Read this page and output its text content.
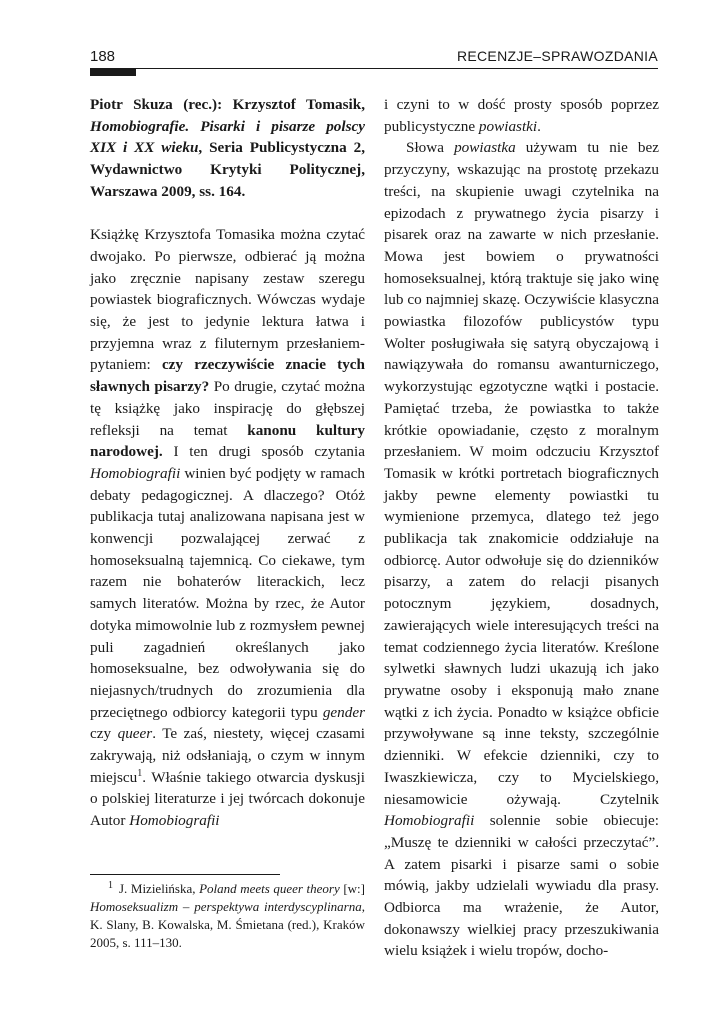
188	RECENZJE–SPRAWOZDANIA

Piotr Skuza (rec.): Krzysztof Tomasik, Homobiografie. Pisarki i pisarze polscy XIX i XX wieku, Seria Publicystyczna 2, Wydawnictwo Krytyki Politycznej, Warszawa 2009, ss. 164.

Książkę Krzysztofa Tomasika można czytać dwojako. Po pierwsze, odbierać ją można jako zręcznie napisany zestaw szeregu powiastek biograficznych. Wówczas wydaje się, że jest to jedynie lektura łatwa i przyjemna wraz z filuternym przesłaniem-pytaniem: czy rzeczywiście znacie tych sławnych pisarzy? Po drugie, czytać można tę książkę jako inspirację do głębszej refleksji na temat kanonu kultury narodowej. I ten drugi sposób czytania Homobiografii winien być podjęty w ramach debaty pedagogicznej. A dlaczego? Otóż publikacja tutaj analizowana napisana jest w konwencji pozwalającej zerwać z homoseksualną tajemnicą. Co ciekawe, tym razem nie bohaterów literackich, lecz samych literatów. Można by rzec, że Autor dotyka mimowolnie lub z rozmysłem pewnej puli zagadnień określanych jako homoseksualne, bez odwoływania się do niejasnych/trudnych do zrozumienia dla przeciętnego odbiorcy kategorii typu gender czy queer. Te zaś, niestety, więcej czasami zakrywają, niż odsłaniają, o czym w innym miejscu$^1$. Właśnie takiego otwarcia dyskusji o polskiej literaturze i jej twórcach dokonuje Autor Homobiografii

i czyni to w dość prosty sposób poprzez publicystyczne powiastki.

Słowa powiastka używam tu nie bez przyczyny, wskazując na prostotę przekazu treści, na skupienie uwagi czytelnika na epizodach z prywatnego życia pisarzy i pisarek oraz na zawarte w nich przesłanie. Mowa jest bowiem o prywatności homoseksualnej, którą traktuje się jako winę lub co najmniej skazę. Oczywiście klasyczna powiastka filozofów publicystów typu Wolter posługiwała się satyrą obyczajową i nawiązywała do romansu awanturniczego, wykorzystując egzotyczne wątki i postacie. Pamiętać trzeba, że powiastka to także krótkie opowiadanie, często z moralnym przesłaniem. W moim odczuciu Krzysztof Tomasik w krótki portretach biograficznych jakby pewne elementy powiastki tu wymienione przemyca, dlatego też jego publikacja tak znakomicie oddziałuje na odbiorcę. Autor odwołuje się do dzienników pisarzy, a zatem do relacji pisanych potocznym językiem, dosadnych, zawierających wiele interesujących treści na temat codziennego życia literatów. Kreślone sylwetki sławnych ludzi ukazują ich jako prywatne osoby i eksponują mało znane wątki z ich życia. Ponadto w książce obficie przywoływane są inne teksty, szczególnie dzienniki. W efekcie dzienniki, czy to Iwaszkiewicza, czy to Mycielskiego, niesamowicie ożywają. Czytelnik Homobiografii solennie sobie obiecuje: „Muszę te dzienniki w całości przeczytać”. A zatem pisarki i pisarze sami o sobie mówią, jakby udzielali wywiadu dla prasy. Odbiorca ma wrażenie, że Autor, dokonawszy wielkiej pracy przeszukiwania wielu książek i wielu tropów, docho-

$^1$ J. Mizielińska, Poland meets queer theory [w:] Homoseksualizm – perspektywa interdyscyplinarna, K. Slany, B. Kowalska, M. Śmietana (red.), Kraków 2005, s. 111–130.
